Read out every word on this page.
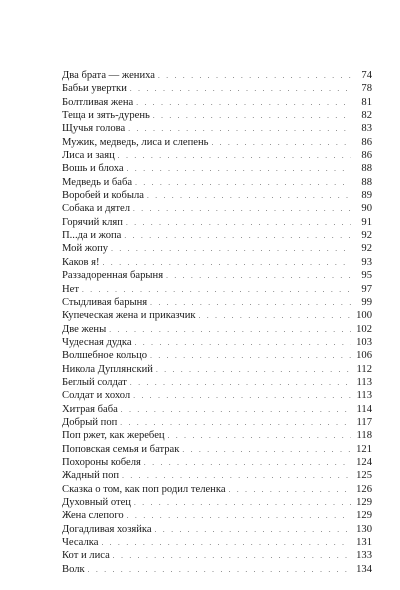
Два брата — жениха . . .	74
Бабьи увертки . . .	78
Болтливая жена . . .	81
Теща и зять-дурень . . .	82
Щучья голова . . .	83
Мужик, медведь, лиса и слепень . . .	86
Лиса и заяц . . .	86
Вошь и блоха . . .	88
Медведь и баба . . .	88
Воробей и кобыла . . .	89
Собака и дятел . . .	90
Горячий кляп . . .	91
П...да и жопа . . .	92
Мой жопу . . .	92
Каков я! . . .	93
Раззадоренная барыня . . .	95
Нет . . .	97
Стыдливая барыня . . .	99
Купеческая жена и приказчик . . .	100
Две жены . . .	102
Чудесная дудка . . .	103
Волшебное кольцо . . .	106
Никола Дуплянский . . .	112
Беглый солдат . . .	113
Солдат и хохол . . .	113
Хитрая баба . . .	114
Добрый поп . . .	117
Поп ржет, как жеребец . . .	118
Поповская семья и батрак . . .	121
Похороны кобеля . . .	124
Жадный поп . . .	125
Сказка о том, как поп родил теленка . . .	126
Духовный отец . . .	129
Жена слепого . . .	129
Догадливая хозяйка . . .	130
Чесалка . . .	131
Кот и лиса . . .	133
Волк . . .	134
